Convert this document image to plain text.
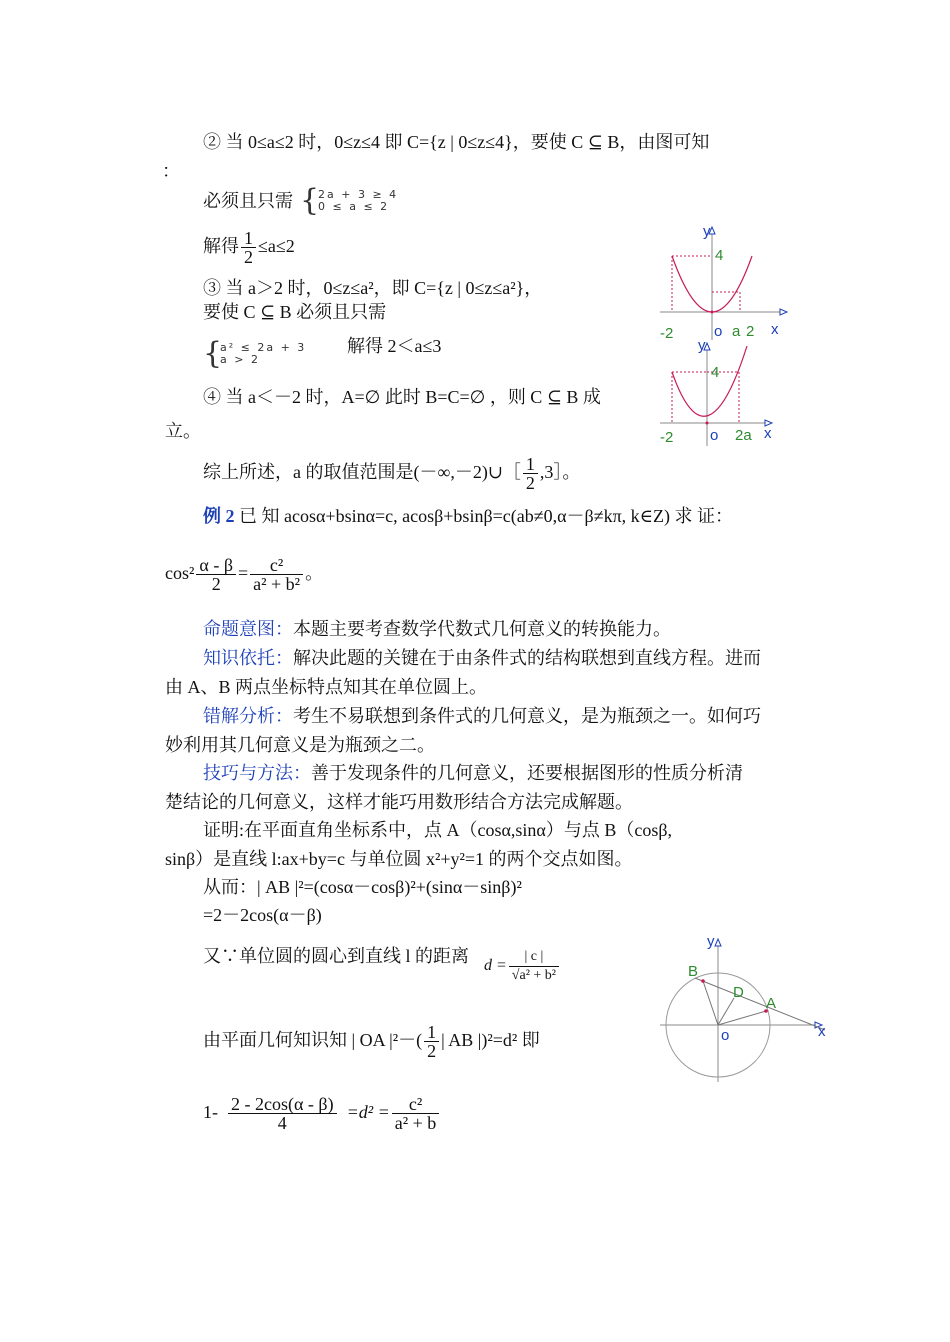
② 当 0≤a≤2 时，0≤z≤4 即 C={z | 0≤z≤4}，要使 C ⊆ B，由图可知
：
必须且只需 {
2a + 3 ≥ 4
0 ≤ a ≤ 2
解得 $\frac{1}{2} \le a\le 2$
③ 当 a＞2 时，0≤z≤a²，即 C={z | 0≤z≤a²}，
要使 C ⊆ B 必须且只需
{
a² ≤ 2a + 3
a > 2
解得 2＜a≤3
④ 当 a＜－2 时，A=∅ 此时 B=C=∅ ，则 C ⊆ B 成
立。
综上所述，a 的取值范围是(－∞,－2)∪［ $\frac{1}{2}$ ,3］。
例 2 已 知 acosα+bsinα=c, acosβ+bsinβ=c(ab≠0,α－β≠kπ, k∈Z) 求 证：
$\cos^2 \frac{\alpha - \beta}{2} = \frac{\text{c²}}{\text{a² + b²}}$ 。
命题意图：本题主要考查数学代数式几何意义的转换能力。
知识依托：解决此题的关键在于由条件式的结构联想到直线方程。进而
由 A、B 两点坐标特点知其在单位圆上。
错解分析：考生不易联想到条件式的几何意义，是为瓶颈之一。如何巧
妙利用其几何意义是为瓶颈之二。
技巧与方法：善于发现条件的几何意义，还要根据图形的性质分析清
楚结论的几何意义，这样才能巧用数形结合方法完成解题。
证明:在平面直角坐标系中，点 A（cosα,sinα）与点 B（cosβ,
sinβ）是直线 l:ax+by=c 与单位圆 x²+y²=1 的两个交点如图。
从而：| AB |²=(cosα－cosβ)²+(sinα－sinβ)²
=2－2cos(α－β)
又∵单位圆的圆心到直线 l 的距离 $d = \frac{| c |}{\text{√a² + b²}}$
由平面几何知识知 | OA $|^2-( \frac{1}{2}$ | AB |)²=d² 即
$1- \frac{2 - 2\cos(\alpha - \beta)}{4} =d^2 = \frac{\text{c²}}{\text{a² + b}}$
y
4
-2	o a 2 x
y
4
-2 o 2a x
y
B
D
A
o	x
